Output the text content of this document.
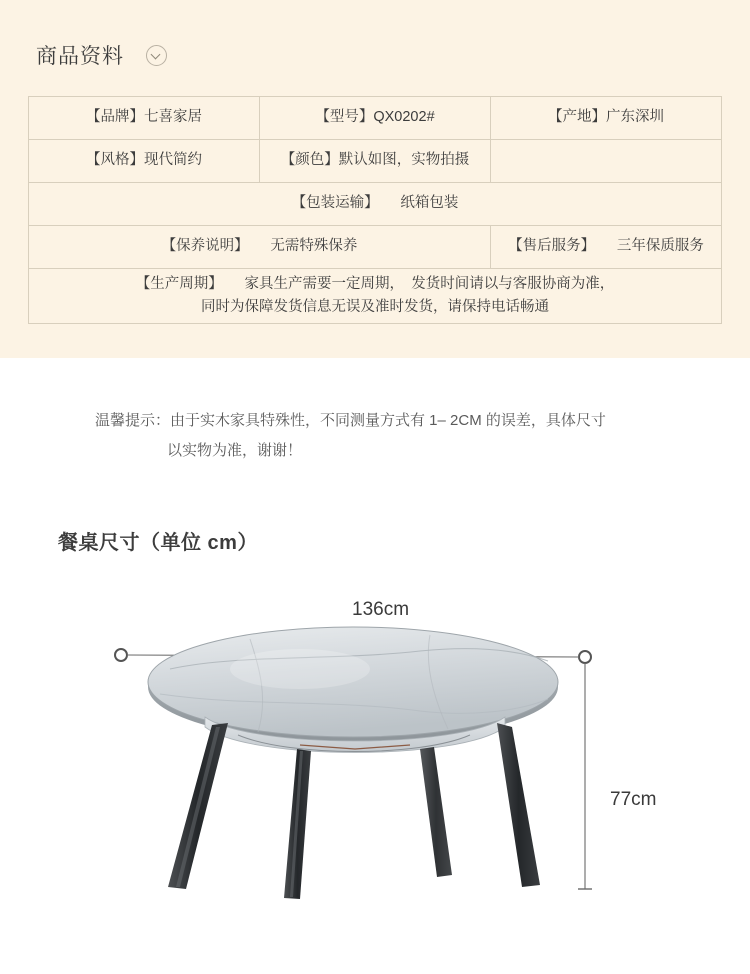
商品资料
【品牌】七喜家居	【型号】QX0202#	【产地】广东深圳
【风格】现代简约	【颜色】默认如图，实物拍摄	
【包装运输】　　纸箱包装		
【保养说明】　　无需特殊保养		【售后服务】　　三年保质服务

【生产周期】　　家具生产需要一定周期，　发货时间请以与客服协商为准，
同时为保障发货信息无误及准时发货，请保持电话畅通		
温馨提示：由于实木家具特殊性，不同测量方式有 1– 2CM 的误差，具体尺寸
以实物为准，谢谢！
餐桌尺寸（单位 cm）
136cm
77cm
